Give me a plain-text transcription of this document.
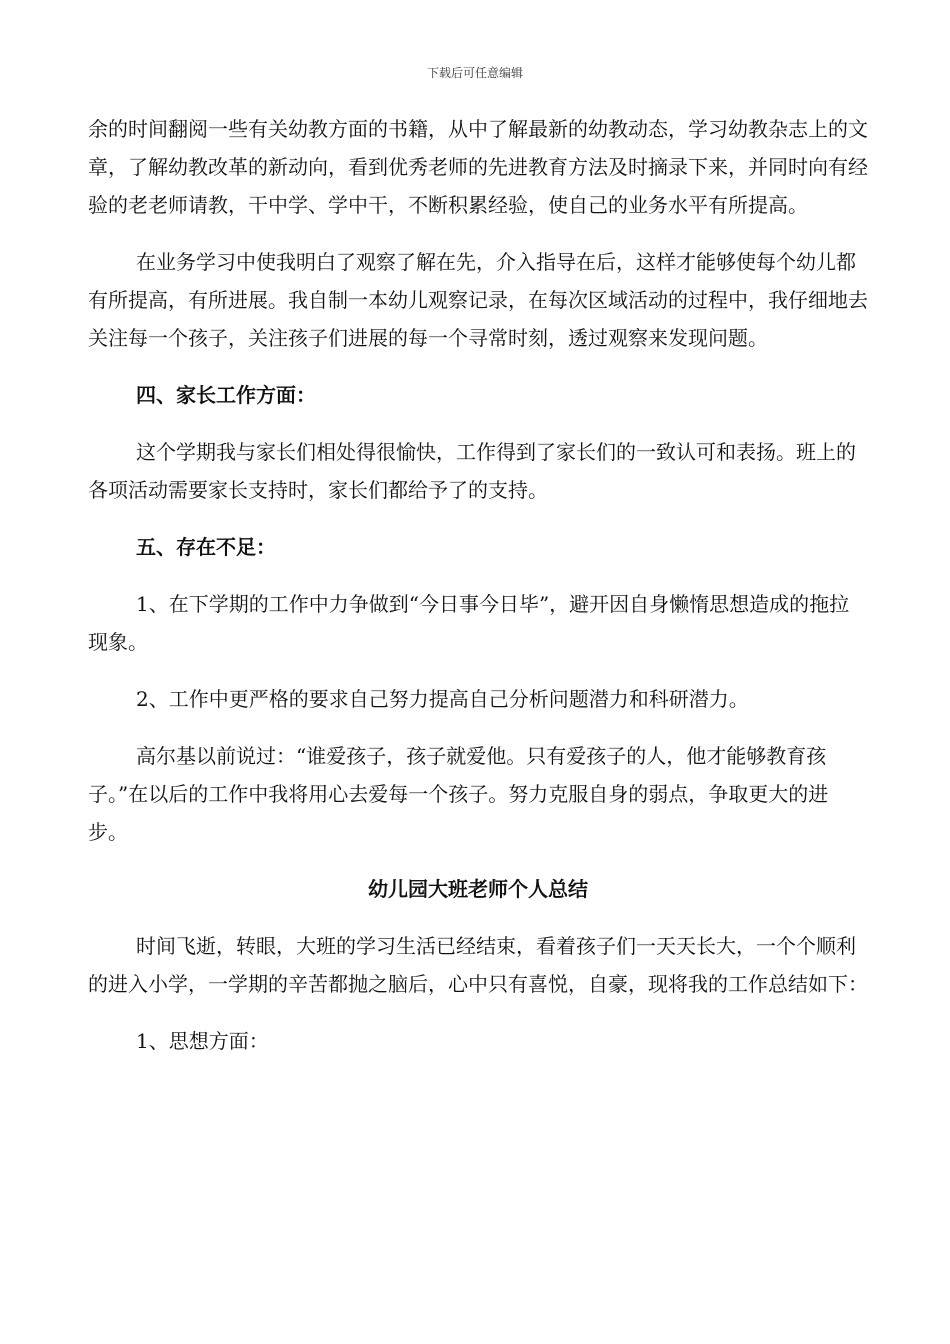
下载后可任意编辑

余的时间翻阅一些有关幼教方面的书籍，从中了解最新的幼教动态，学习幼教杂志上的文章，了解幼教改革的新动向，看到优秀老师的先进教育方法及时摘录下来，并同时向有经验的老老师请教，干中学、学中干，不断积累经验，使自己的业务水平有所提高。

在业务学习中使我明白了观察了解在先，介入指导在后，这样才能够使每个幼儿都有所提高，有所进展。我自制一本幼儿观察记录，在每次区域活动的过程中，我仔细地去关注每一个孩子，关注孩子们进展的每一个寻常时刻，透过观察来发现问题。

四、家长工作方面：

这个学期我与家长们相处得很愉快，工作得到了家长们的一致认可和表扬。班上的各项活动需要家长支持时，家长们都给予了的支持。

五、存在不足：

1、在下学期的工作中力争做到“今日事今日毕”，避开因自身懒惰思想造成的拖拉现象。

2、工作中更严格的要求自己努力提高自己分析问题潜力和科研潜力。

高尔基以前说过：“谁爱孩子，孩子就爱他。只有爱孩子的人，他才能够教育孩子。”在以后的工作中我将用心去爱每一个孩子。努力克服自身的弱点，争取更大的进步。

幼儿园大班老师个人总结

时间飞逝，转眼，大班的学习生活已经结束，看着孩子们一天天长大，一个个顺利的进入小学，一学期的辛苦都抛之脑后，心中只有喜悦，自豪，现将我的工作总结如下：

1、思想方面：
